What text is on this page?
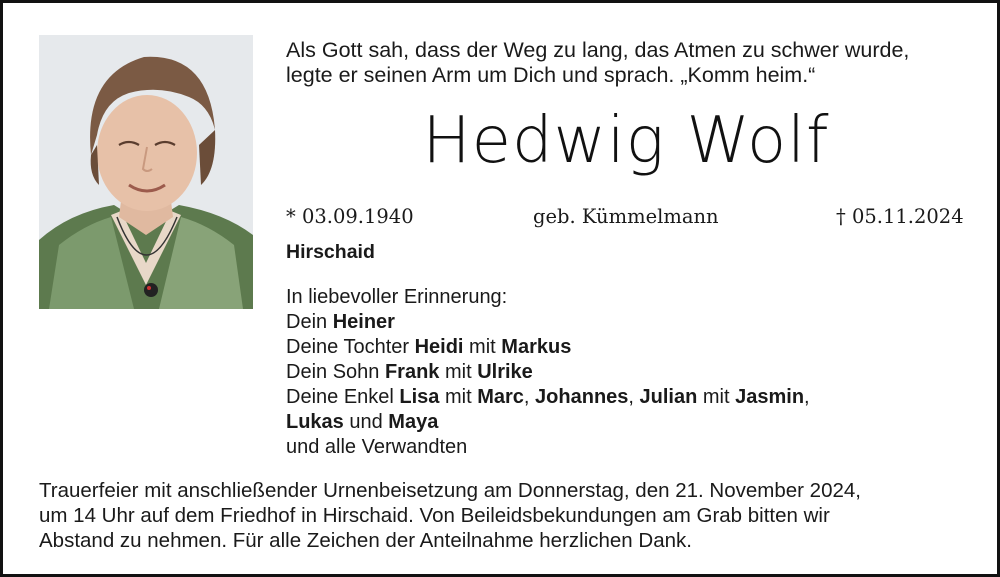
Als Gott sah, dass der Weg zu lang, das Atmen zu schwer wurde,
legte er seinen Arm um Dich und sprach. „Komm heim.“
Hedwig Wolf
* 03.09.1940	geb. Kümmelmann	† 05.11.2024
Hirschaid
In liebevoller Erinnerung:
Dein Heiner
Deine Tochter Heidi mit Markus
Dein Sohn Frank mit Ulrike
Deine Enkel Lisa mit Marc, Johannes, Julian mit Jasmin,
Lukas und Maya
und alle Verwandten
Trauerfeier mit anschließender Urnenbeisetzung am Donnerstag, den 21. November 2024,
um 14 Uhr auf dem Friedhof in Hirschaid. Von Beileidsbekundungen am Grab bitten wir
Abstand zu nehmen. Für alle Zeichen der Anteilnahme herzlichen Dank.
